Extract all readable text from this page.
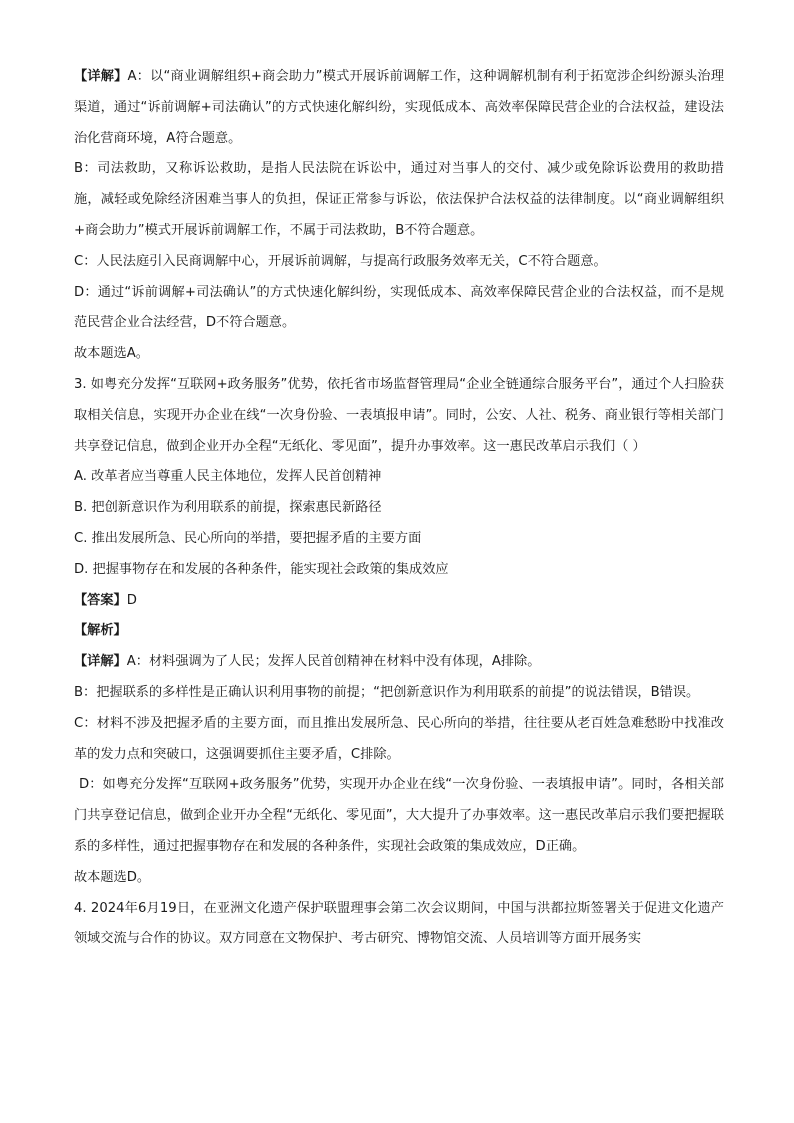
【详解】A：以“商业调解组织+商会助力”模式开展诉前调解工作，这种调解机制有利于拓宽涉企纠纷源头治理渠道，通过“诉前调解+司法确认”的方式快速化解纠纷，实现低成本、高效率保障民营企业的合法权益，建设法治化营商环境，A符合题意。

B：司法救助，又称诉讼救助，是指人民法院在诉讼中，通过对当事人的交付、减少或免除诉讼费用的救助措施，减轻或免除经济困难当事人的负担，保证正常参与诉讼，依法保护合法权益的法律制度。以“商业调解组织+商会助力”模式开展诉前调解工作，不属于司法救助，B不符合题意。

C：人民法庭引入民商调解中心，开展诉前调解，与提高行政服务效率无关，C不符合题意。

D：通过“诉前调解+司法确认”的方式快速化解纠纷，实现低成本、高效率保障民营企业的合法权益，而不是规范民营企业合法经营，D不符合题意。

故本题选A。

3. 如粤充分发挥“互联网+政务服务”优势，依托省市场监督管理局“企业全链通综合服务平台”，通过个人扫脸获取相关信息，实现开办企业在线“一次身份验、一表填报申请”。同时，公安、人社、税务、商业银行等相关部门共享登记信息，做到企业开办全程“无纸化、零见面”，提升办事效率。这一惠民改革启示我们（ ）

A. 改革者应当尊重人民主体地位，发挥人民首创精神

B. 把创新意识作为利用联系的前提，探索惠民新路径

C. 推出发展所急、民心所向的举措，要把握矛盾的主要方面

D. 把握事物存在和发展的各种条件，能实现社会政策的集成效应

【答案】D

【解析】

【详解】A：材料强调为了人民；发挥人民首创精神在材料中没有体现，A排除。

B：把握联系的多样性是正确认识利用事物的前提；“把创新意识作为利用联系的前提”的说法错误，B错误。

C：材料不涉及把握矛盾的主要方面，而且推出发展所急、民心所向的举措，往往要从老百姓急难愁盼中找准改革的发力点和突破口，这强调要抓住主要矛盾，C排除。

D：如粤充分发挥“互联网+政务服务”优势，实现开办企业在线“一次身份验、一表填报申请”。同时，各相关部门共享登记信息，做到企业开办全程“无纸化、零见面”，大大提升了办事效率。这一惠民改革启示我们要把握联系的多样性，通过把握事物存在和发展的各种条件，实现社会政策的集成效应，D正确。

故本题选D。

4. 2024年6月19日，在亚洲文化遗产保护联盟理事会第二次会议期间，中国与洪都拉斯签署关于促进文化遗产领域交流与合作的协议。双方同意在文物保护、考古研究、博物馆交流、人员培训等方面开展务实
